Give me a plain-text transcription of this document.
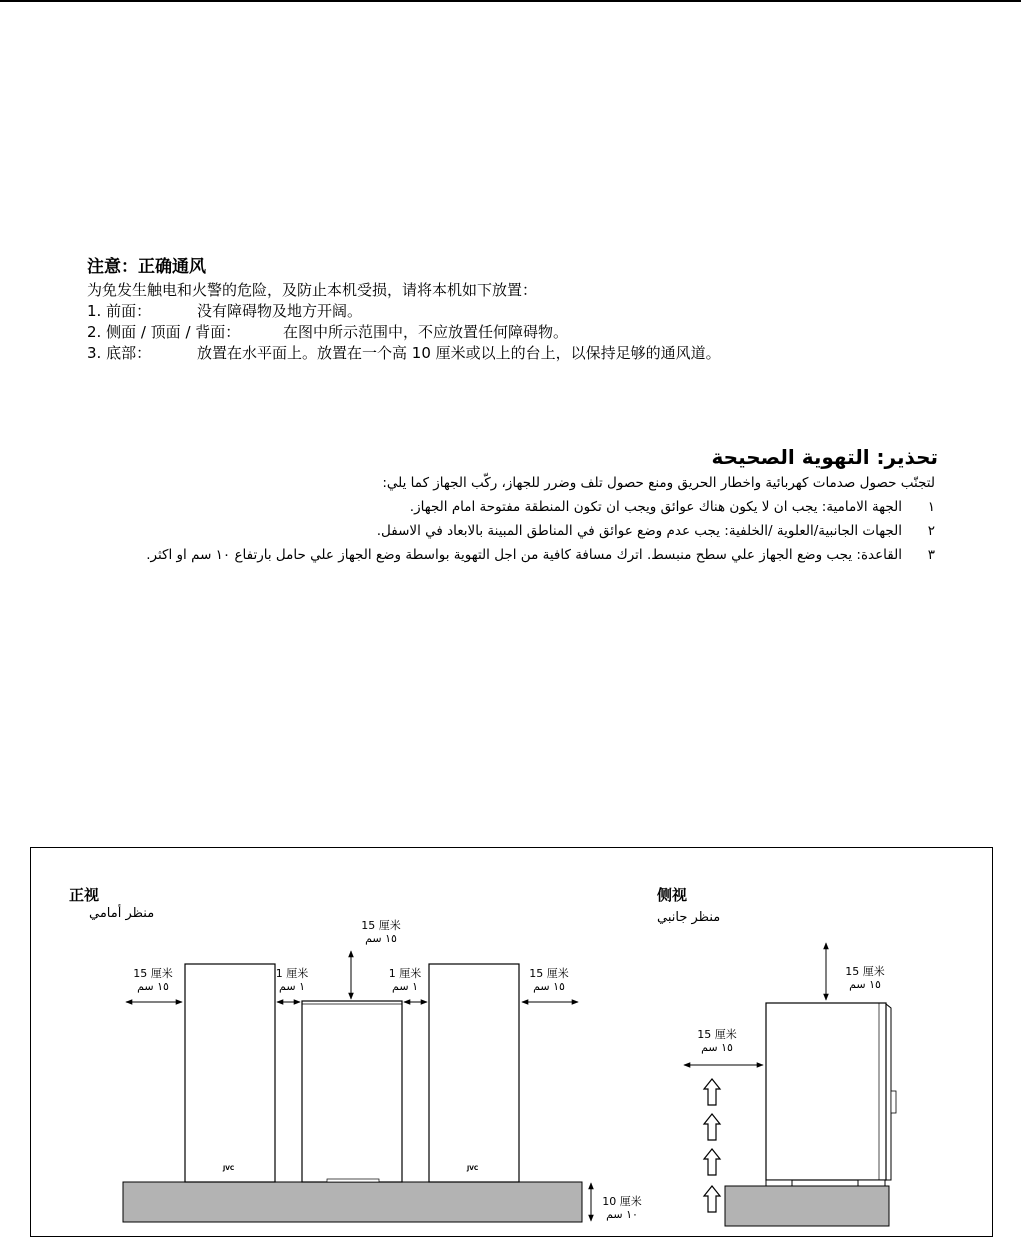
注意：正确通风
为免发生触电和火警的危险，及防止本机受损，请将本机如下放置：
1. 前面：	没有障碍物及地方开阔。
2. 侧面 / 顶面 / 背面：	在图中所示范围中，不应放置任何障碍物。
3. 底部：	放置在水平面上。放置在一个高 10 厘米或以上的台上，以保持足够的通风道。
تحذير: التهوية الصحيحة
لتجنّب حصول صدمات كهربائية واخطار الحريق ومنع حصول تلف وضرر للجهاز، ركّب الجهاز كما يلي:
١
الجهة الامامية: يجب ان لا يكون هناك عوائق ويجب ان تكون المنطقة مفتوحة امام الجهاز.
٢
الجهات الجانبية/العلوية /الخلفية: يجب عدم وضع عوائق في المناطق المبينة بالابعاد في الاسفل.
٣
القاعدة: يجب وضع الجهاز علي سطح منبسط. اترك مسافة كافية من اجل التهوية بواسطة وضع الجهاز علي حامل بارتفاع ١٠ سم او اكثر.
正视
منظر أمامي
侧视
منظر جانبي
JVC	JVC
15 厘米
١٥ سم
1 厘米
١ سم
15 厘米
١٥ سم
1 厘米
١ سم
15 厘米
١٥ سم
10 厘米
١٠ سم
15 厘米
١٥ سم
15 厘米
١٥ سم
